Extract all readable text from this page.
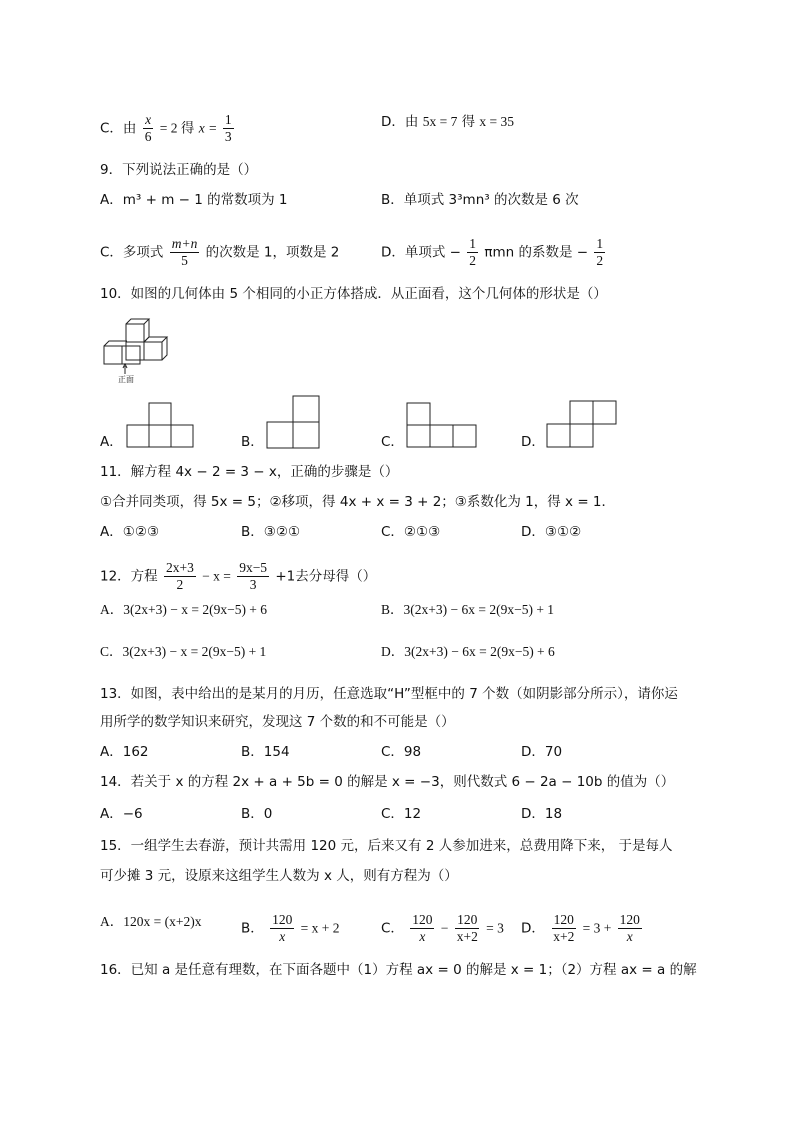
C．由 $\frac{x}{6} = 2$ 得 $x = \frac{1}{3}$	D．由 5x = 7 得 x = 35
9．下列说法正确的是（）
A．m³ + m − 1 的常数项为 1	B．单项式 3³mn³ 的次数是 6 次
C．多项式 $\frac{m+n}{5}$ 的次数是 1，项数是 2	D．单项式 − $\frac{1}{2}$ πmn 的系数是 − $\frac{1}{2}$
10．如图的几何体由 5 个相同的小正方体搭成．从正面看，这个几何体的形状是（）
正面
A．	B．	C．	D．
11．解方程 4x − 2 = 3 − x，正确的步骤是（）
①合并同类项，得 5x = 5；②移项，得 4x + x = 3 + 2；③系数化为 1，得 x = 1．
A．①②③	B．③②①	C．②①③	D．③①②
12．方程 $\frac{2x+3}{2} - x = \frac{9x-5}{3} +1$去分母得（）
A．3(2x+3) − x = 2(9x−5) + 6	B．3(2x+3) − 6x = 2(9x−5) + 1
C．3(2x+3) − x = 2(9x−5) + 1	D．3(2x+3) − 6x = 2(9x−5) + 6
13．如图，表中给出的是某月的月历，任意选取“H”型框中的 7 个数（如阴影部分所示），请你运
用所学的数学知识来研究，发现这 7 个数的和不可能是（）
A．162	B．154	C．98	D．70
14．若关于 x 的方程 2x + a + 5b = 0 的解是 x = −3，则代数式 6 − 2a − 10b 的值为（）
A．−6	B．0	C．12	D．18
15．一组学生去春游，预计共需用 120 元，后来又有 2 人参加进来，总费用降下来， 于是每人
可少摊 3 元，设原来这组学生人数为 x 人，则有方程为（）
A．120x = (x+2)x	B． $\frac{120}{x} = x + 2$	C． $\frac{120}{x} - \frac{120}{x+2} = 3$ D． $\frac{120}{x+2} = 3 + \frac{120}{x}$
16．已知 a 是任意有理数，在下面各题中（1）方程 ax = 0 的解是 x = 1；（2）方程 ax = a 的解
